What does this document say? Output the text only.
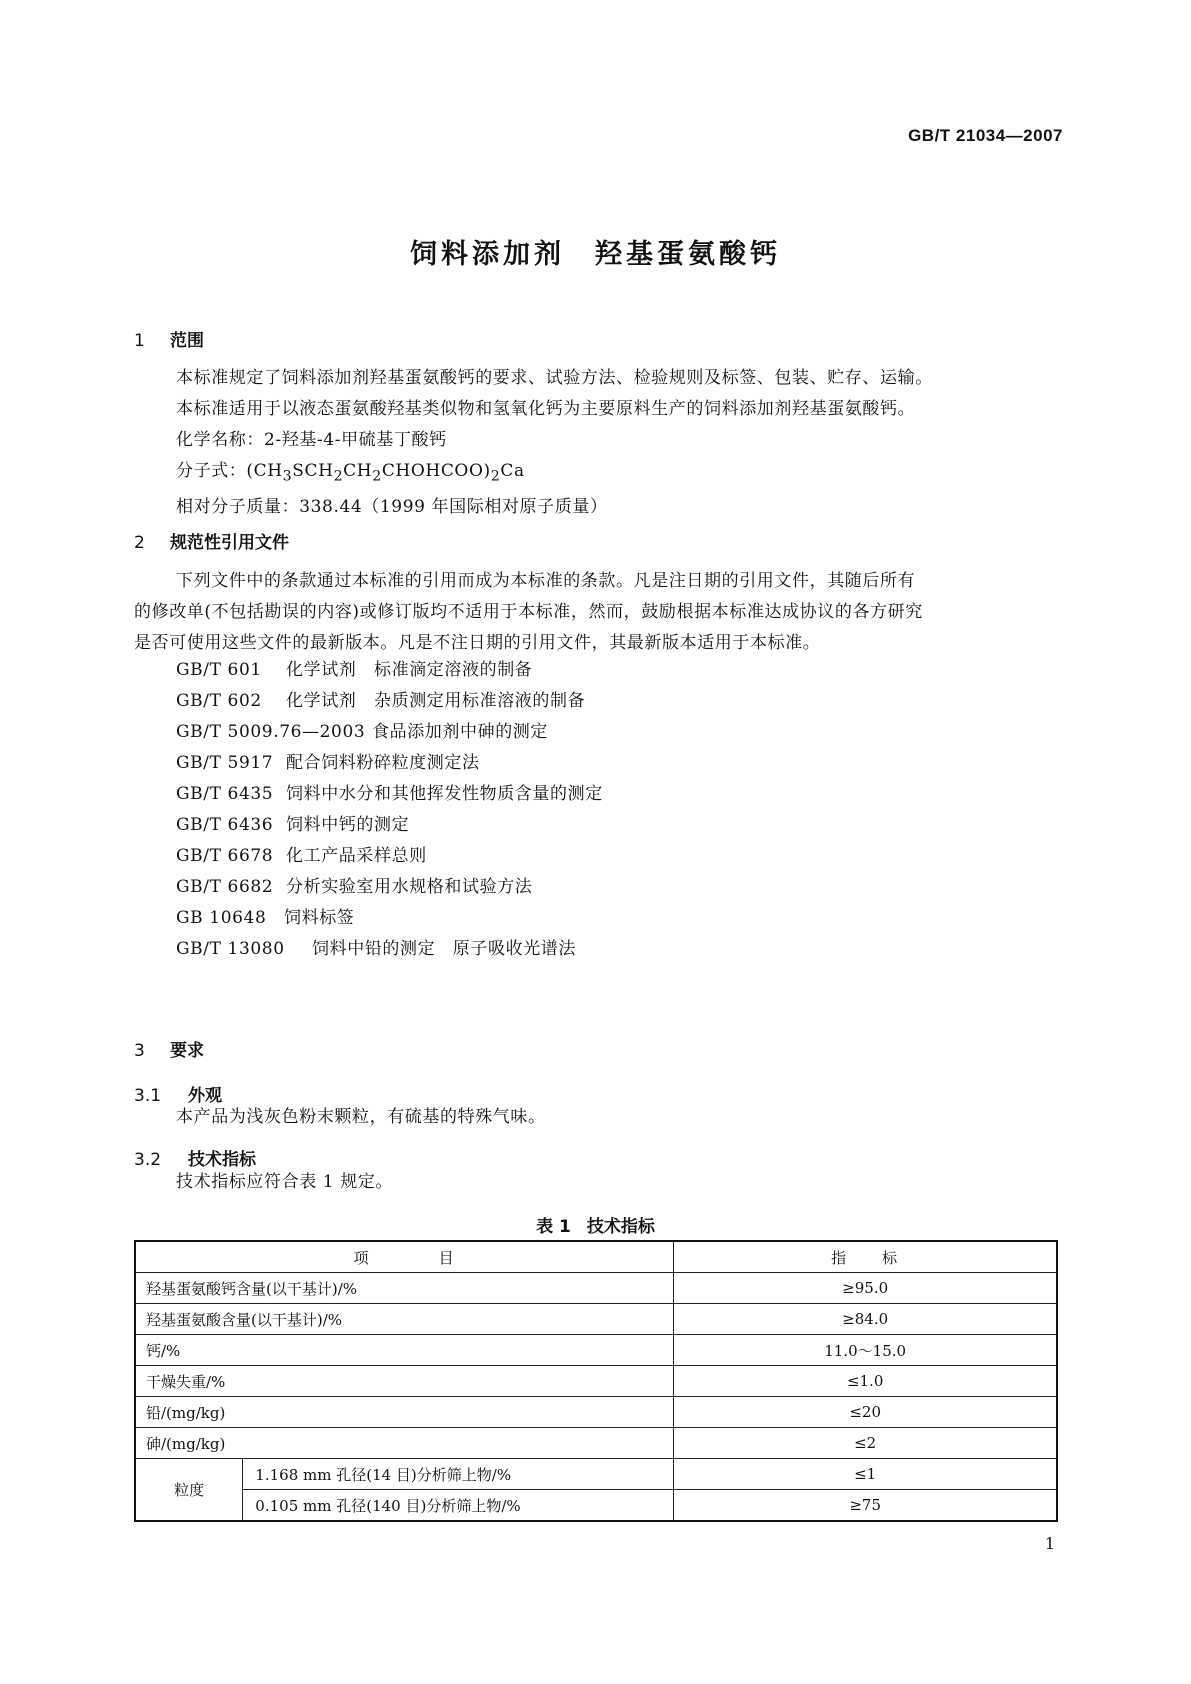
GB/T 21034—2007
饲料添加剂 羟基蛋氨酸钙
1 范围
本标准规定了饲料添加剂羟基蛋氨酸钙的要求、试验方法、检验规则及标签、包装、贮存、运输。
本标准适用于以液态蛋氨酸羟基类似物和氢氧化钙为主要原料生产的饲料添加剂羟基蛋氨酸钙。
化学名称：2-羟基-4-甲硫基丁酸钙
分子式：$(CH_3SCH_2CH_2CHOHCOO)_2Ca$
相对分子质量：338.44（1999 年国际相对原子质量）
2 规范性引用文件
下列文件中的条款通过本标准的引用而成为本标准的条款。凡是注日期的引用文件，其随后所有
的修改单(不包括勘误的内容)或修订版均不适用于本标准，然而，鼓励根据本标准达成协议的各方研究
是否可使用这些文件的最新版本。凡是不注日期的引用文件，其最新版本适用于本标准。
GB/T 601 化学试剂　标准滴定溶液的制备
GB/T 602 化学试剂　杂质测定用标准溶液的制备
GB/T 5009.76—2003 食品添加剂中砷的测定
GB/T 5917 配合饲料粉碎粒度测定法
GB/T 6435 饲料中水分和其他挥发性物质含量的测定
GB/T 6436 饲料中钙的测定
GB/T 6678 化工产品采样总则
GB/T 6682 分析实验室用水规格和试验方法
GB 10648 饲料标签
GB/T 13080 饲料中铅的测定　原子吸收光谱法
3 要求
3.1 外观
本产品为浅灰色粉末颗粒，有硫基的特殊气味。
3.2 技术指标
技术指标应符合表 1 规定。
表 1 技术指标
项　　　　目		指　　标
羟基蛋氨酸钙含量(以干基计)/%		≥95.0
羟基蛋氨酸含量(以干基计)/%		≥84.0
钙/%		11.0～15.0
干燥失重/%		≤1.0
铅/(mg/kg)		≤20
砷/(mg/kg)		≤2
粒度	1.168 mm 孔径(14 目)分析筛上物/%	≤1
	0.105 mm 孔径(140 目)分析筛上物/%	≥75
1
